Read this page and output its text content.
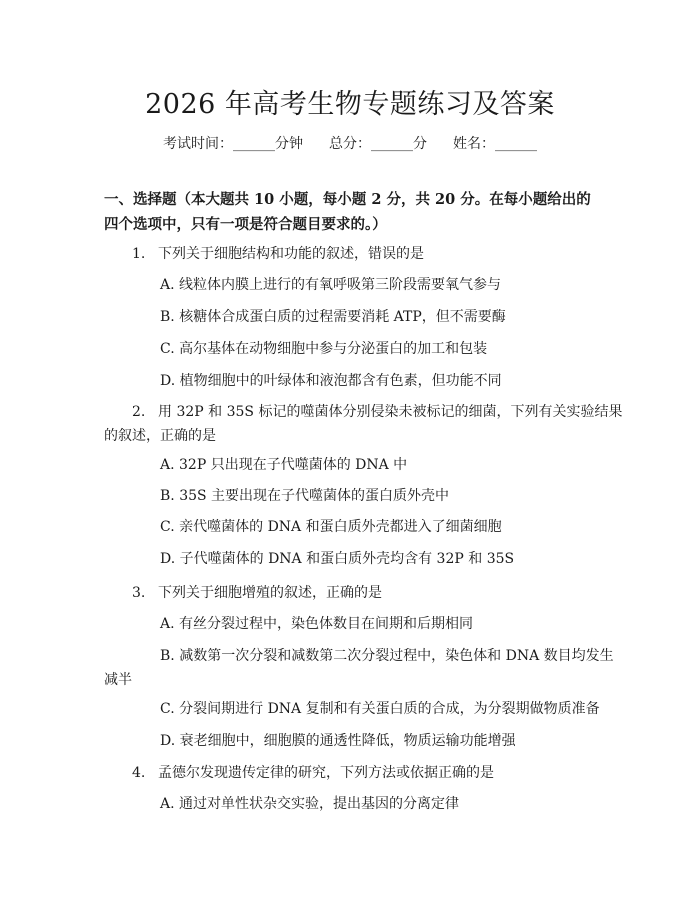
2026 年高考生物专题练习及答案
考试时间：______分钟 总分：______分 姓名：______
一、选择题（本大题共 10 小题，每小题 2 分，共 20 分。在每小题给出的四个选项中，只有一项是符合题目要求的。）
1. 下列关于细胞结构和功能的叙述，错误的是
A. 线粒体内膜上进行的有氧呼吸第三阶段需要氧气参与
B. 核糖体合成蛋白质的过程需要消耗 ATP，但不需要酶
C. 高尔基体在动物细胞中参与分泌蛋白的加工和包装
D. 植物细胞中的叶绿体和液泡都含有色素，但功能不同
2. 用 32P 和 35S 标记的噬菌体分别侵染未被标记的细菌，下列有关实验结果
的叙述，正确的是
A. 32P 只出现在子代噬菌体的 DNA 中
B. 35S 主要出现在子代噬菌体的蛋白质外壳中
C. 亲代噬菌体的 DNA 和蛋白质外壳都进入了细菌细胞
D. 子代噬菌体的 DNA 和蛋白质外壳均含有 32P 和 35S
3. 下列关于细胞增殖的叙述，正确的是
A. 有丝分裂过程中，染色体数目在间期和后期相同
B. 减数第一次分裂和减数第二次分裂过程中，染色体和 DNA 数目均发生
减半
C. 分裂间期进行 DNA 复制和有关蛋白质的合成，为分裂期做物质准备
D. 衰老细胞中，细胞膜的通透性降低，物质运输功能增强
4. 孟德尔发现遗传定律的研究，下列方法或依据正确的是
A. 通过对单性状杂交实验，提出基因的分离定律
